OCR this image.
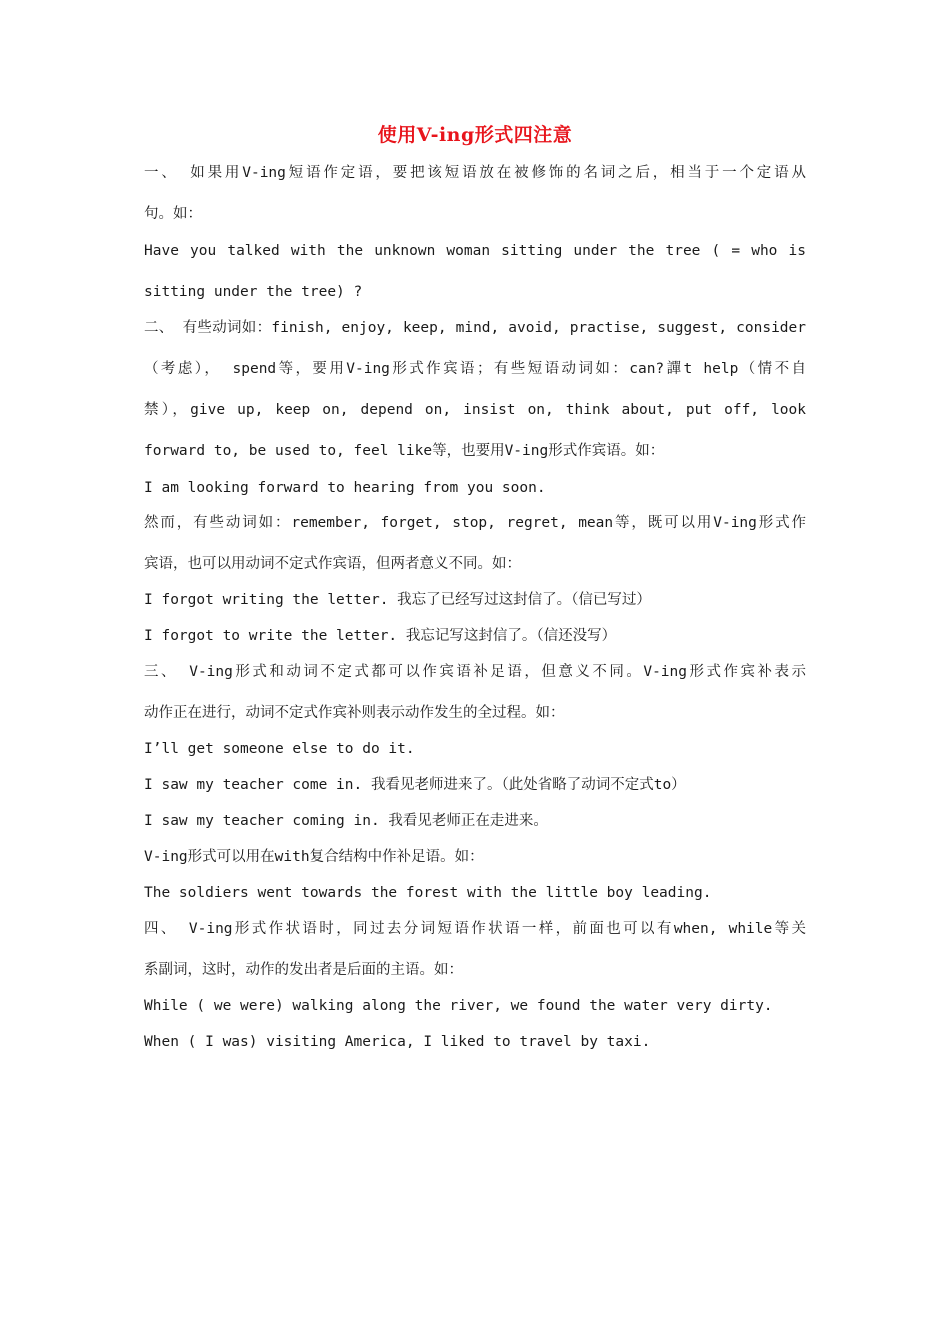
使用V-ing形式四注意
一、 如果用V-ing短语作定语，要把该短语放在被修饰的名词之后，相当于一个定语从
句。如：
Have you talked with the unknown woman sitting under the tree ( = who is
sitting under the tree) ?
二、 有些动词如：finish, enjoy, keep, mind, avoid, practise, suggest, consider
（考虑）， spend等，要用V-ing形式作宾语；有些短语动词如：can?譂t help（情不自
禁），give up, keep on, depend on, insist on, think about, put off, look
forward to, be used to, feel like等，也要用V-ing形式作宾语。如：
I am looking forward to hearing from you soon.
然而，有些动词如：remember, forget, stop, regret, mean等，既可以用V-ing形式作
宾语，也可以用动词不定式作宾语，但两者意义不同。如：
I forgot writing the letter. 我忘了已经写过这封信了。（信已写过）
I forgot to write the letter. 我忘记写这封信了。（信还没写）
三、 V-ing形式和动词不定式都可以作宾语补足语，但意义不同。V-ing形式作宾补表示
动作正在进行，动词不定式作宾补则表示动作发生的全过程。如：
I’ll get someone else to do it.
I saw my teacher come in. 我看见老师进来了。（此处省略了动词不定式to）
I saw my teacher coming in. 我看见老师正在走进来。
V-ing形式可以用在with复合结构中作补足语。如：
The soldiers went towards the forest with the little boy leading.
四、 V-ing形式作状语时，同过去分词短语作状语一样，前面也可以有when, while等关
系副词，这时，动作的发出者是后面的主语。如：
While ( we were) walking along the river, we found the water very dirty.
When ( I was) visiting America, I liked to travel by taxi.
